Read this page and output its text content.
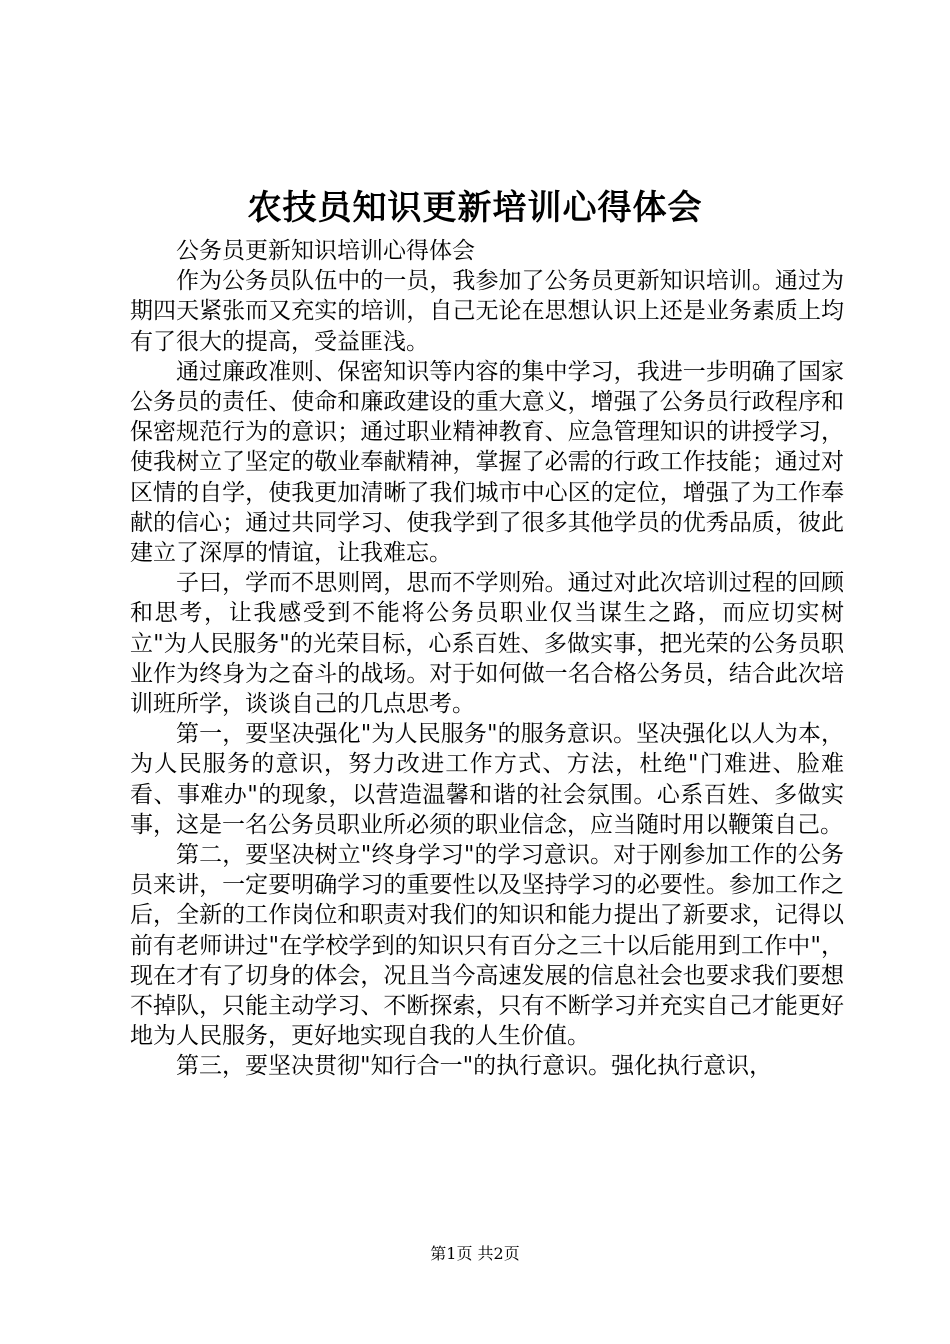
农技员知识更新培训心得体会

公务员更新知识培训心得体会

作为公务员队伍中的一员，我参加了公务员更新知识培训。通过为期四天紧张而又充实的培训，自己无论在思想认识上还是业务素质上均有了很大的提高，受益匪浅。

通过廉政准则、保密知识等内容的集中学习，我进一步明确了国家公务员的责任、使命和廉政建设的重大意义，增强了公务员行政程序和保密规范行为的意识；通过职业精神教育、应急管理知识的讲授学习，使我树立了坚定的敬业奉献精神，掌握了必需的行政工作技能；通过对区情的自学，使我更加清晰了我们城市中心区的定位，增强了为工作奉献的信心；通过共同学习、使我学到了很多其他学员的优秀品质，彼此建立了深厚的情谊，让我难忘。

子曰，学而不思则罔，思而不学则殆。通过对此次培训过程的回顾和思考，让我感受到不能将公务员职业仅当谋生之路，而应切实树立"为人民服务"的光荣目标，心系百姓、多做实事，把光荣的公务员职业作为终身为之奋斗的战场。对于如何做一名合格公务员，结合此次培训班所学，谈谈自己的几点思考。

第一，要坚决强化"为人民服务"的服务意识。坚决强化以人为本，为人民服务的意识，努力改进工作方式、方法，杜绝"门难进、脸难看、事难办"的现象，以营造温馨和谐的社会氛围。心系百姓、多做实事，这是一名公务员职业所必须的职业信念，应当随时用以鞭策自己。

第二，要坚决树立"终身学习"的学习意识。对于刚参加工作的公务员来讲，一定要明确学习的重要性以及坚持学习的必要性。参加工作之后，全新的工作岗位和职责对我们的知识和能力提出了新要求，记得以前有老师讲过"在学校学到的知识只有百分之三十以后能用到工作中"，现在才有了切身的体会，况且当今高速发展的信息社会也要求我们要想不掉队，只能主动学习、不断探索，只有不断学习并充实自己才能更好地为人民服务，更好地实现自我的人生价值。

第三，要坚决贯彻"知行合一"的执行意识。强化执行意识，

第1页 共2页
